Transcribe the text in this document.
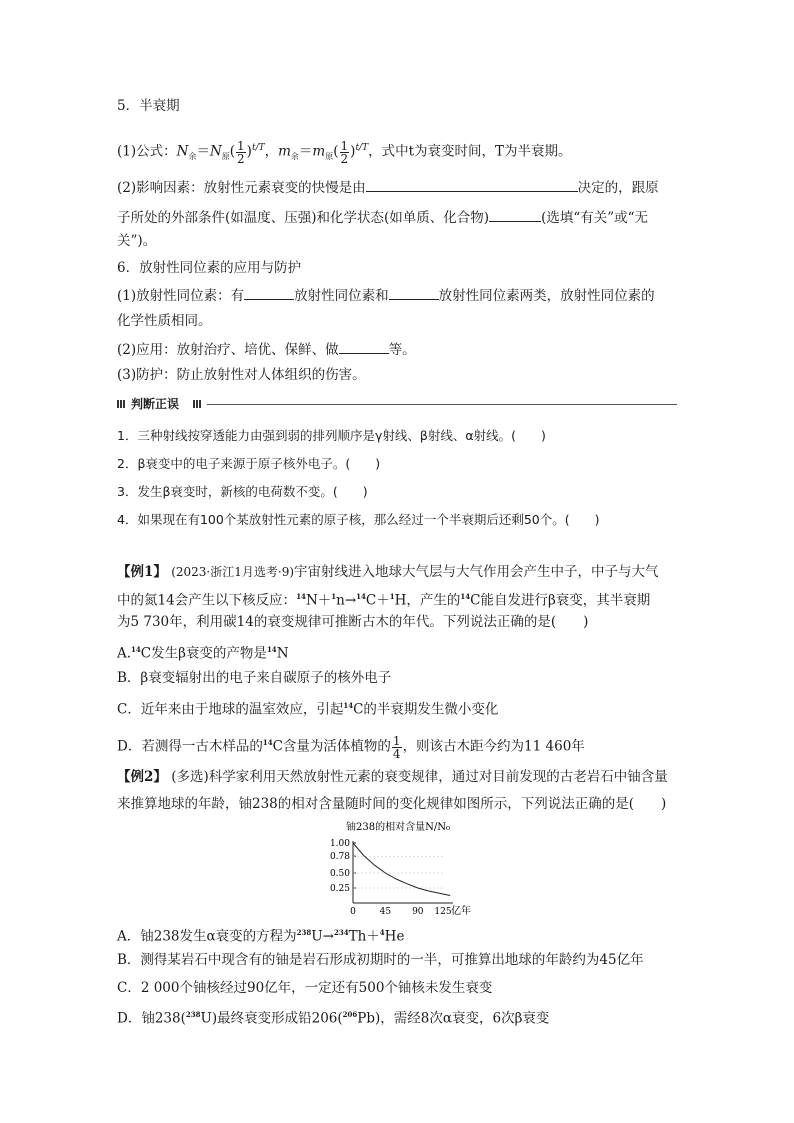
5．半衰期
(1)公式：$N_余=N_原( \frac{1}{2} )^{t/T}$，$m_余=m_原( \frac{1}{2} )^{t/T}$，式中t为衰变时间，T为半衰期。
(2)影响因素：放射性元素衰变的快慢是由	决定的，跟原
子所处的外部条件(如温度、压强)和化学状态(如单质、化合物)	(选填“有关”或“无
关”)。
6．放射性同位素的应用与防护
(1)放射性同位素：有	放射性同位素和	放射性同位素两类，放射性同位素的
化学性质相同。
(2)应用：放射治疗、培优、保鲜、做	等。
(3)防护：防止放射性对人体组织的伤害。
判断正误
1．三种射线按穿透能力由强到弱的排列顺序是γ射线、β射线、α射线。(　　)
2．β衰变中的电子来源于原子核外电子。(　　)
3．发生β衰变时，新核的电荷数不变。(　　)
4．如果现在有100个某放射性元素的原子核，那么经过一个半衰期后还剩50个。(　　)
【例1】 (2023·浙江1月选考·9)宇宙射线进入地球大气层与大气作用会产生中子，中子与大气
中的氮14会产生以下核反应：$^{14}$N＋$^1$n→$^{14}$C＋$^1$H，产生的$^{14}$C能自发进行β衰变，其半衰期
为5 730年，利用碳14的衰变规律可推断古木的年代。下列说法正确的是(　　)
A.$^{14}$C发生β衰变的产物是$^{14}$N
B．β衰变辐射出的电子来自碳原子的核外电子
C．近年来由于地球的温室效应，引起$^{14}$C的半衰期发生微小变化
D．若测得一古木样品的$^{14}$C含量为活体植物的 $\frac{1}{4}$ ，则该古木距今约为11 460年
【例2】 (多选)科学家利用天然放射性元素的衰变规律，通过对目前发现的古老岩石中铀含量
来推算地球的年龄，铀238的相对含量随时间的变化规律如图所示，下列说法正确的是(　　)
铀238的相对含量N/N₀
1.00
0.78
0.50
0.25
0	45 90 125 亿年
A．铀238发生α衰变的方程为$^{238}$U→$^{234}$Th＋$^4$He
B．测得某岩石中现含有的铀是岩石形成初期时的一半，可推算出地球的年龄约为45亿年
C．2 000个铀核经过90亿年，一定还有500个铀核未发生衰变
D．铀238($^{238}$U)最终衰变形成铅206($^{206}$Pb)，需经8次α衰变，6次β衰变
